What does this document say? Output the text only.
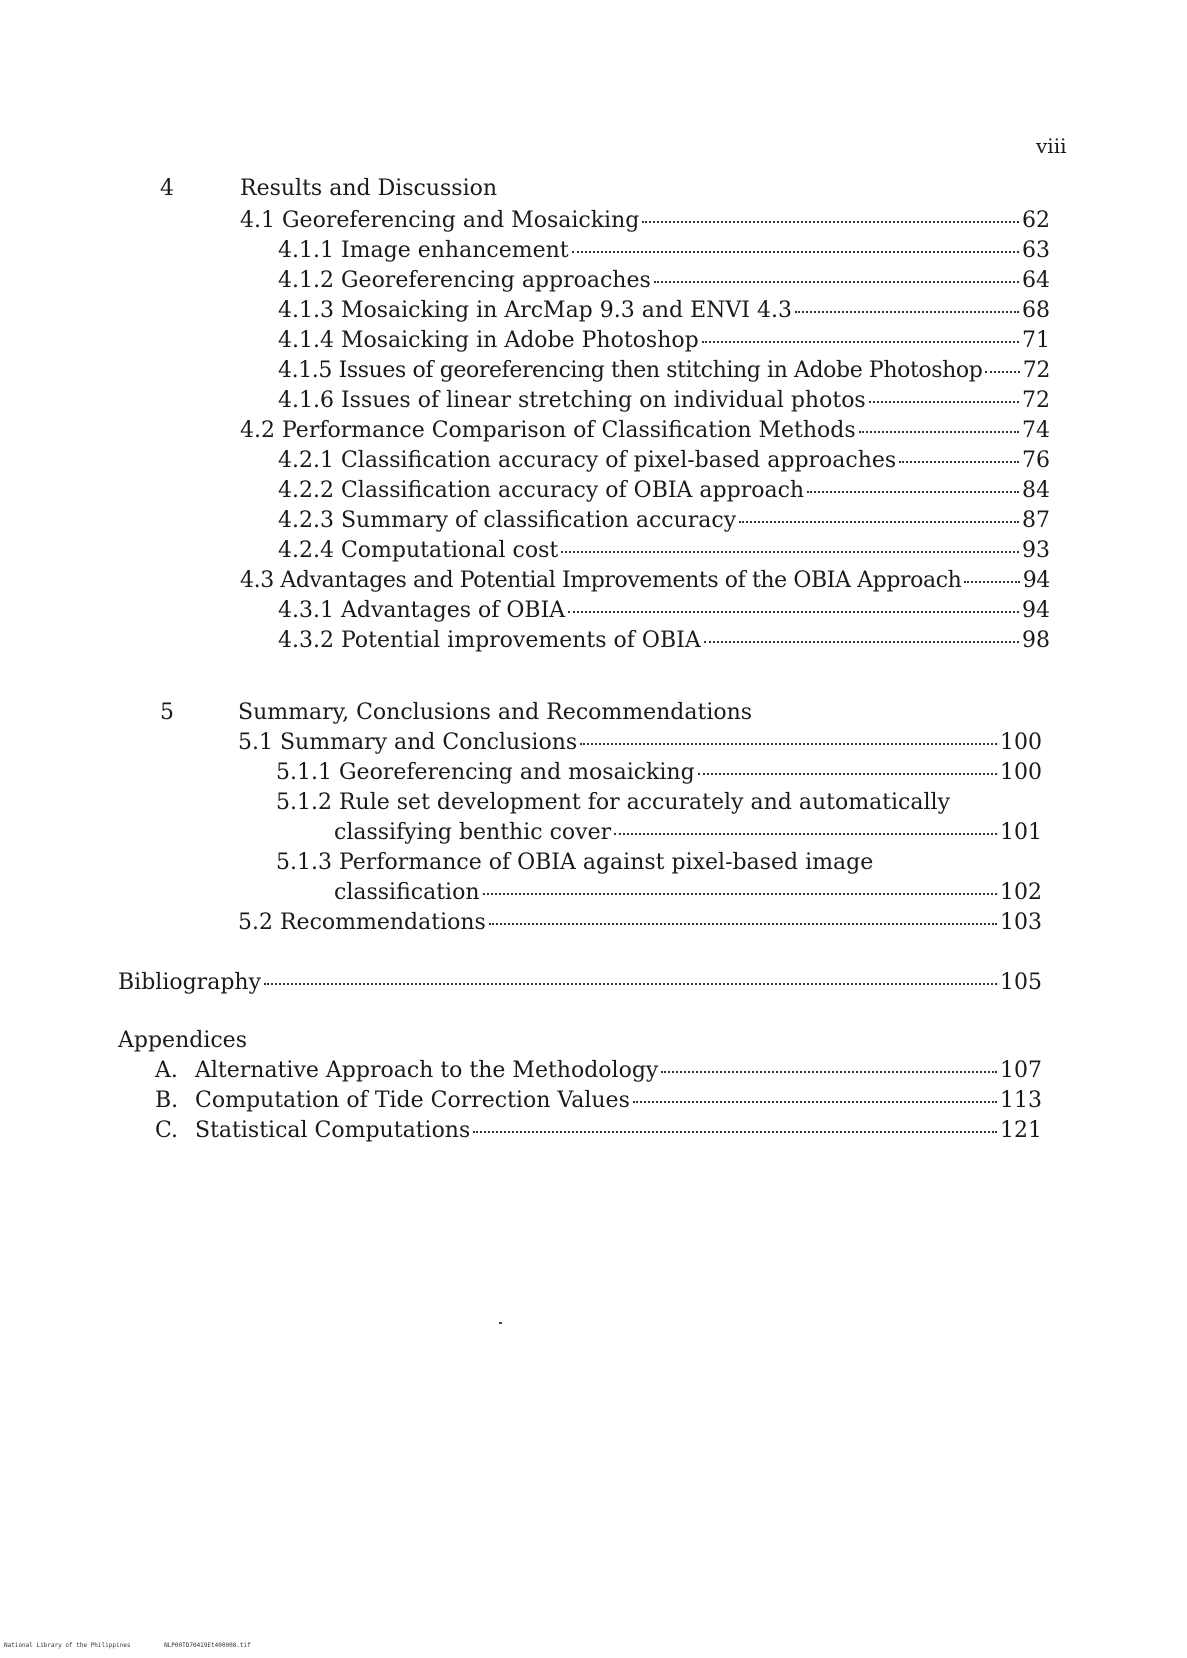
viii
4	Results and Discussion
4.1 Georeferencing and Mosaicking	62
4.1.1 Image enhancement	63
4.1.2 Georeferencing approaches	64
4.1.3 Mosaicking in ArcMap 9.3 and ENVI 4.3	68
4.1.4 Mosaicking in Adobe Photoshop	71
4.1.5 Issues of georeferencing then stitching in Adobe Photoshop 72
4.1.6 Issues of linear stretching on individual photos	72
4.2 Performance Comparison of Classification Methods	74
4.2.1 Classification accuracy of pixel-based approaches	76
4.2.2 Classification accuracy of OBIA approach	84
4.2.3 Summary of classification accuracy	87
4.2.4 Computational cost	93
4.3 Advantages and Potential Improvements of the OBIA Approach	94
4.3.1 Advantages of OBIA	94
4.3.2 Potential improvements of OBIA	98
5	Summary, Conclusions and Recommendations
5.1 Summary and Conclusions	100
5.1.1 Georeferencing and mosaicking	100
5.1.2 Rule set development for accurately and automatically
classifying benthic cover	101
5.1.3 Performance of OBIA against pixel-based image
classification	102
5.2 Recommendations	103
Bibliography	105
Appendices
A. Alternative Approach to the Methodology	107
B. Computation of Tide Correction Values	113
C. Statistical Computations	121
National Library of the Philippines	NLP00TD70419Et400008.tif
